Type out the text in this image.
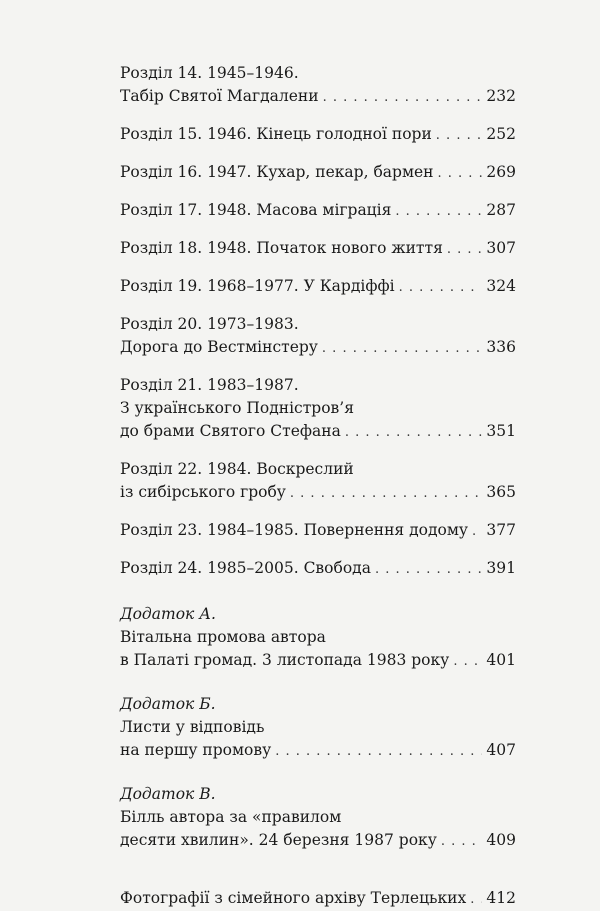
Розділ 14. 1945–1946.
Табір Святої Магдалени . . .	232
Розділ 15. 1946. Кінець голодної пори . . .	252
Розділ 16. 1947. Кухар, пекар, бармен . . .	269
Розділ 17. 1948. Масова міграція . . .	287
Розділ 18. 1948. Початок нового життя . . .	307
Розділ 19. 1968–1977. У Кардіффі . . .	324
Розділ 20. 1973–1983.
Дорога до Вестмінстеру . . .	336
Розділ 21. 1983–1987.
З українського Подністров’я
до брами Святого Стефана . . .	351
Розділ 22. 1984. Воскреслий
із сибірського гробу . . .	365
Розділ 23. 1984–1985. Повернення додому . . . 377
Розділ 24. 1985–2005. Свобода . . .	391
Додаток А.
Вітальна промова автора
в Палаті громад. 3 листопада 1983 року . . . 401
Додаток Б.
Листи у відповідь
на першу промову . . .	407
Додаток В.
Білль автора за «правилом
десяти хвилин». 24 березня 1987 року . . .	409
Фотографії з сімейного архіву Терлецьких . . . 412
